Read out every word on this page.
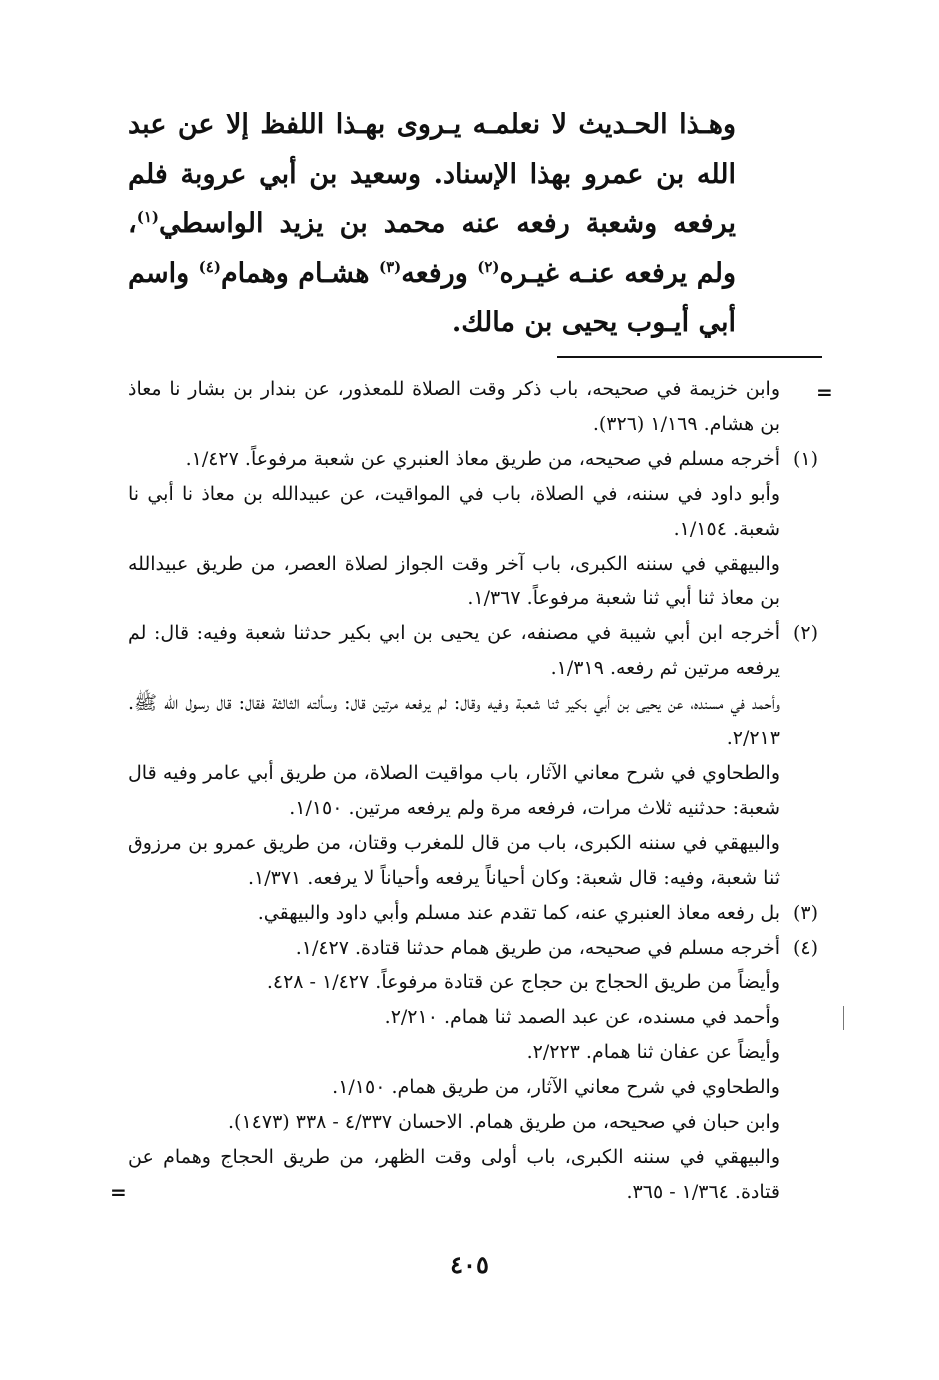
وهـذا الحـديث لا نعلمـه يـروى بهـذا اللفظ إلا عن عبد الله بن عمرو بهذا الإسناد. وسعيد بن أبي عروبة فلم يرفعه وشعبة رفعه عنه محمد بن يزيد الواسطي$^{(١)}$، ولم يرفعه عنـه غيـره$^{(٢)}$ ورفعه$^{(٣)}$ هشـام وهمام$^{(٤)}$ واسم أبي أيـوب يحيى بن مالك.

=

وابن خزيمة في صحيحه، باب ذكر وقت الصلاة للمعذور، عن بندار بن بشار نا معاذ بن هشام. ١/١٦٩ (٣٢٦).

(١)

أخرجه مسلم في صحيحه، من طريق معاذ العنبري عن شعبة مرفوعاً. ١/٤٢٧.

وأبو داود في سننه، في الصلاة، باب في المواقيت، عن عبيدالله بن معاذ نا أبي نا شعبة. ١/١٥٤.

والبيهقي في سننه الكبرى، باب آخر وقت الجواز لصلاة العصر، من طريق عبيدالله بن معاذ ثنا أبي ثنا شعبة مرفوعاً. ١/٣٦٧.

(٢)

أخرجه ابن أبي شيبة في مصنفه، عن يحيى بن ابي بكير حدثنا شعبة وفيه: قال: لم يرفعه مرتين ثم رفعه. ١/٣١٩.

وأحمد في مسنده، عن يحيى بن أبي بكير ثنا شعبة وفيه وقال: لم يرفعه مرتين قال: وسألته الثالثة فقال: قال رسول الله ﷺ. ٢/٢١٣.

والطحاوي في شرح معاني الآثار، باب مواقيت الصلاة، من طريق أبي عامر وفيه قال شعبة: حدثنيه ثلاث مرات، فرفعه مرة ولم يرفعه مرتين. ١/١٥٠.

والبيهقي في سننه الكبرى، باب من قال للمغرب وقتان، من طريق عمرو بن مرزوق ثنا شعبة، وفيه: قال شعبة: وكان أحياناً يرفعه وأحياناً لا يرفعه. ١/٣٧١.

(٣)

بل رفعه معاذ العنبري عنه، كما تقدم عند مسلم وأبي داود والبيهقي.

(٤)

أخرجه مسلم في صحيحه، من طريق همام حدثنا قتادة. ١/٤٢٧.

وأيضاً من طريق الحجاج بن حجاج عن قتادة مرفوعاً. ١/٤٢٧ - ٤٢٨.

وأحمد في مسنده، عن عبد الصمد ثنا همام. ٢/٢١٠.

وأيضاً عن عفان ثنا همام. ٢/٢٢٣.

والطحاوي في شرح معاني الآثار، من طريق همام. ١/١٥٠.

وابن حبان في صحيحه، من طريق همام. الاحسان ٤/٣٣٧ - ٣٣٨ (١٤٧٣).

والبيهقي في سننه الكبرى، باب أولى وقت الظهر، من طريق الحجاج وهمام عن قتادة. ١/٣٦٤ - ٣٦٥.

=
٤٠٥
